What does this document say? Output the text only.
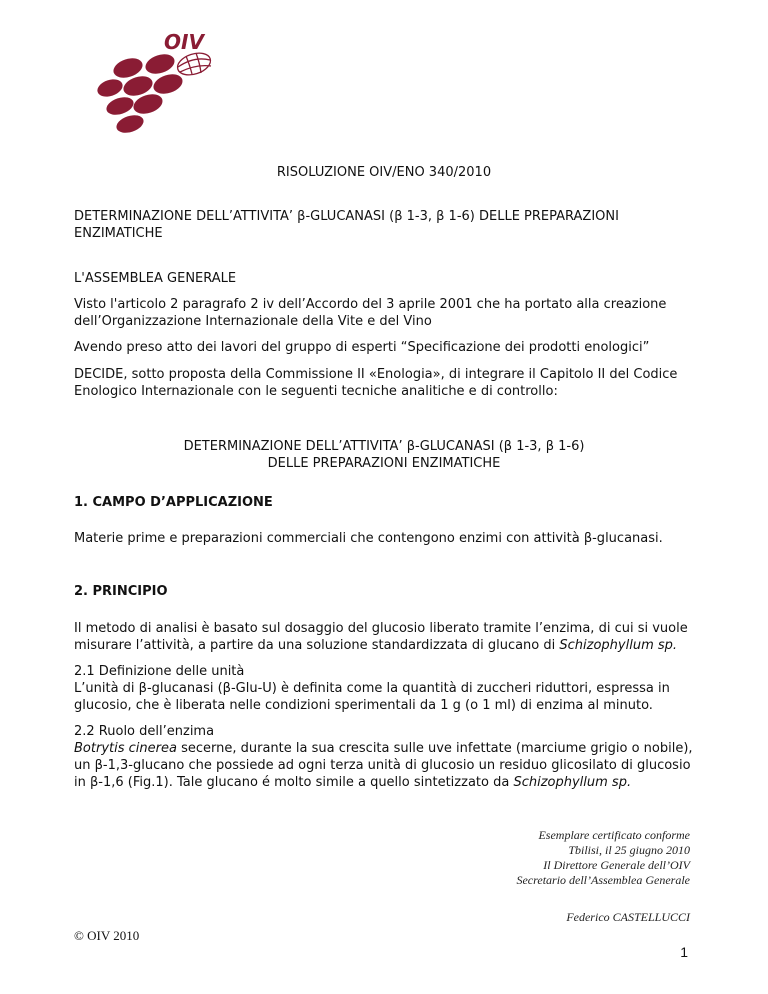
OIV

RISOLUZIONE OIV/ENO 340/2010

DETERMINAZIONE DELL’ATTIVITA’ β-GLUCANASI (β 1-3, β 1-6) DELLE PREPARAZIONI

ENZIMATICHE

L'ASSEMBLEA GENERALE

Visto l'articolo 2 paragrafo 2 iv dell’Accordo del 3 aprile 2001 che ha portato alla creazione

dell’Organizzazione Internazionale della Vite e del Vino

Avendo preso atto dei lavori del gruppo di esperti “Specificazione dei prodotti enologici”

DECIDE, sotto proposta della Commissione II «Enologia», di integrare il Capitolo II del Codice

Enologico Internazionale con le seguenti tecniche analitiche e di controllo:

DETERMINAZIONE DELL’ATTIVITA’ β-GLUCANASI (β 1-3, β 1-6)

DELLE PREPARAZIONI ENZIMATICHE

1. CAMPO D’APPLICAZIONE

Materie prime e preparazioni commerciali che contengono enzimi con attività β-glucanasi.

2. PRINCIPIO

Il metodo di analisi è basato sul dosaggio del glucosio liberato tramite l’enzima, di cui si vuole

misurare l’attività, a partire da una soluzione standardizzata di glucano di Schizophyllum sp.

2.1 Definizione delle unità

L’unità di β-glucanasi (β-Glu-U) è definita come la quantità di zuccheri riduttori, espressa in

glucosio, che è liberata nelle condizioni sperimentali da 1 g (o 1 ml) di enzima al minuto.

2.2 Ruolo dell’enzima

Botrytis cinerea secerne, durante la sua crescita sulle uve infettate (marciume grigio o nobile),

un β-1,3-glucano che possiede ad ogni terza unità di glucosio un residuo glicosilato di glucosio

in β-1,6 (Fig.1). Tale glucano é molto simile a quello sintetizzato da Schizophyllum sp.

Esemplare certificato conforme

Tbilisi, il 25 giugno 2010

Il Direttore Generale dell’OIV

Secretario dell’Assemblea Generale

Federico CASTELLUCCI

© OIV 2010

1
